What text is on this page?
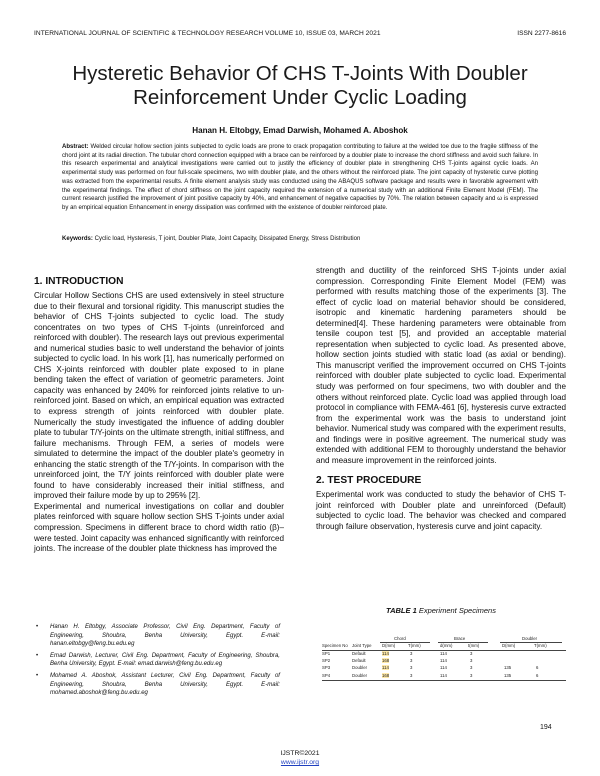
INTERNATIONAL JOURNAL OF SCIENTIFIC & TECHNOLOGY RESEARCH VOLUME 10, ISSUE 03, MARCH 2021	ISSN 2277-8616
Hysteretic Behavior Of CHS T-Joints With Doubler Reinforcement Under Cyclic Loading
Hanan H. Eltobgy, Emad Darwish, Mohamed A. Aboshok
Abstract: Welded circular hollow section joints subjected to cyclic loads are prone to crack propagation contributing to failure at the welded toe due to the fragile stiffness of the chord joint at its radial direction. The tubular chord connection equipped with a brace can be reinforced by a doubler plate to increase the chord stiffness and avoid such failure. In this research experimental and analytical investigations were carried out to justify the efficiency of doubler plate in strengthening CHS T-joints against cyclic loads. An experimental study was performed on four full-scale specimens, two with doubler plate, and the others without the reinforced plate. The joint capacity of hysteretic curve plotting was extracted from the experimental results. A finite element analysis study was conducted using the ABAQUS software package and results were in favorable agreement with the experimental findings. The effect of chord stiffness on the joint capacity required the extension of a numerical study with an additional Finite Element Model (FEM). The current research justified the improvement of joint positive capacity by 40%, and enhancement of negative capacities by 70%. The relation between capacity and ω is expressed by an empirical equation Enhancement in energy dissipation was confirmed with the existence of doubler reinforced plate.
Keywords: Cyclic load, Hysteresis, T joint, Doubler Plate, Joint Capacity, Dissipated Energy, Stress Distribution
1. INTRODUCTION

Circular Hollow Sections CHS are used extensively in steel structure due to their flexural and torsional rigidity. This manuscript studies the behavior of CHS T-joints subjected to cyclic load. The study concentrates on two types of CHS T-joints (unreinforced and reinforced with doubler). The research lays out previous experimental and numerical studies basic to well understand the behavior of joints subjected to cyclic load. In his work [1], has numerically performed on CHS X-joints reinforced with doubler plate exposed to in plane bending taken the effect of variation of geometric parameters. Joint capacity was enhanced by 240% for reinforced joints relative to un-reinforced joint. Based on which, an empirical equation was extracted to express strength of joints reinforced with doubler plate. Numerically the study investigated the influence of adding doubler plate to tubular T/Y-joints on the ultimate strength, initial stiffness, and failure mechanisms. Through FEM, a series of models were simulated to determine the impact of the doubler plate's geometry in enhancing the static strength of the T/Y-joints. In comparison with the unreinforced joint, the T/Y joints reinforced with doubler plate were found to have considerably increased their initial stiffness, and improved their failure mode by up to 295% [2].

Experimental and numerical investigations on collar and doubler plates reinforced with square hollow section SHS T-joints under axial compression. Specimens in different brace to chord width ratio (β)–were tested. Joint capacity was enhanced significantly with reinforced joints. The increase of the doubler plate thickness has improved the

strength and ductility of the reinforced SHS T-joints under axial compression. Corresponding Finite Element Model (FEM) was performed with results matching those of the experiments [3]. The effect of cyclic load on material behavior should be considered, isotropic and kinematic hardening parameters should be determined[4]. These hardening parameters were obtainable from tensile coupon test [5], and provided an acceptable material representation when subjected to cyclic load. As presented above, hollow section joints studied with static load (as axial or bending). This manuscript verified the improvement occurred on CHS T-joints reinforced with doubler plate subjected to cyclic load. Experimental study was performed on four specimens, two with doubler and the others without reinforced plate. Cyclic load was applied through load protocol in compliance with FEMA-461 [6], hysteresis curve extracted from the experimental work was the basis to understand joint behavior. Numerical study was compared with the experiment results, and findings were in positive agreement. The numerical study was extended with additional FEM to thoroughly understand the behavior and measure improvement in the reinforced joints.

2. TEST PROCEDURE

Experimental work was conducted to study the behavior of CHS T-joint reinforced with Doubler plate and unreinforced (Default) subjected to cyclic load. The behavior was checked and compared through failure observation, hysteresis curve and joint capacity.

TABLE 1 Experiment Specimens
Chord	Brace	Doubler
Specimen No Joint Type D(mm)	T(mm)	d(mm)	t(mm)	D(mm)	T(mm)
SP1	Default	114	3	114	3
SP2	Default	168	3	114	3
SP3	Doubler	114	3	114	3	135	6
SP4	Doubler	168	3	114	3	135	6
• Hanan H. Eltobgy, Associate Professor, Civil Eng. Department, Faculty of Engineering, Shoubra, Benha University, Egypt. E-mail: hanan.eltobgy@feng.bu.edu.eg
• Emad Darwish, Lecturer, Civil Eng. Department, Faculty of Engineering, Shoubra, Benha University, Egypt. E-mail: emad.darwish@feng.bu.edu.eg
• Mohamed A. Aboshok, Assistant Lecturer, Civil Eng. Department, Faculty of Engineering, Shoubra, Benha University, Egypt. E-mail: mohamed.aboshok@feng.bu.edu.eg
194
IJSTR©2021
www.ijstr.org
